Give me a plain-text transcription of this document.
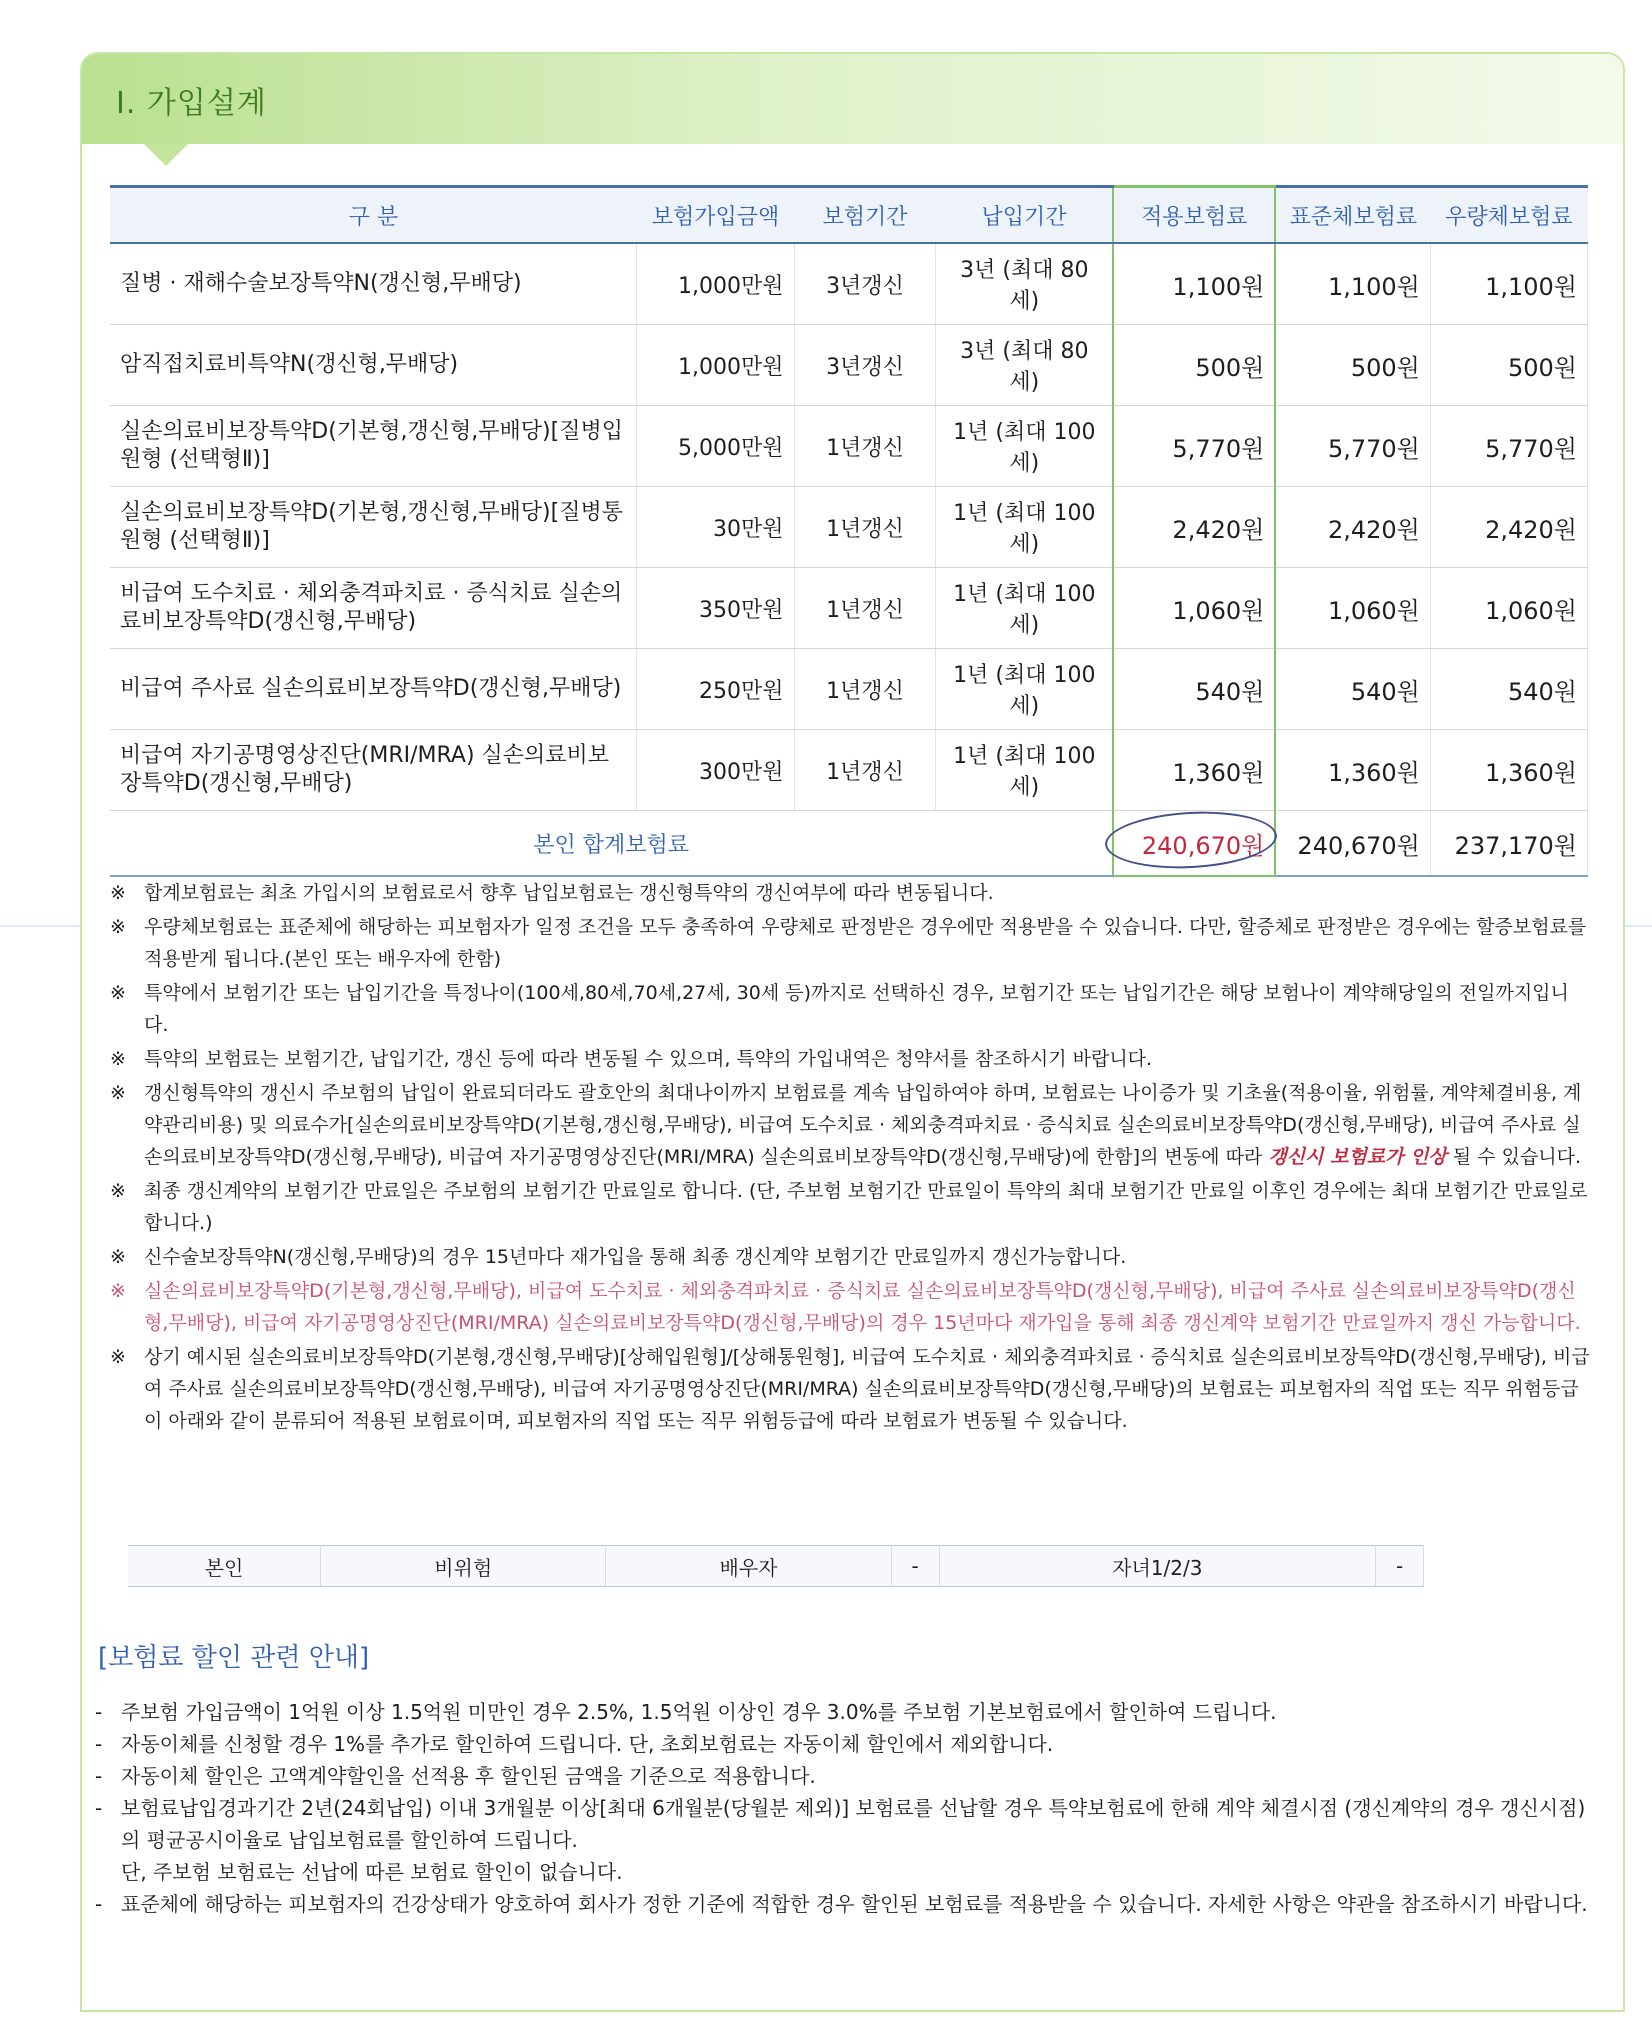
Ⅰ. 가입설계
구 분	보험가입금액	보험기간	납입기간	적용보험료	표준체보험료	우량체보험료
질병 · 재해수술보장특약N(갱신형,무배당)	1,000만원	3년갱신	3년 (최대 80세)	1,100원	1,100원	1,100원
암직접치료비특약N(갱신형,무배당)	1,000만원	3년갱신	3년 (최대 80세)	500원	500원	500원
실손의료비보장특약D(기본형,갱신형,무배당)[질병입원형 (선택형Ⅱ)]	5,000만원	1년갱신	1년 (최대 100세)	5,770원	5,770원	5,770원
실손의료비보장특약D(기본형,갱신형,무배당)[질병통원형 (선택형Ⅱ)]	30만원	1년갱신	1년 (최대 100세)	2,420원	2,420원	2,420원
비급여 도수치료 · 체외충격파치료 · 증식치료 실손의료비보장특약D(갱신형,무배당)	350만원	1년갱신	1년 (최대 100세)	1,060원	1,060원	1,060원
비급여 주사료 실손의료비보장특약D(갱신형,무배당)	250만원	1년갱신	1년 (최대 100세)	540원	540원	540원
비급여 자기공명영상진단(MRI/MRA) 실손의료비보장특약D(갱신형,무배당)	300만원	1년갱신	1년 (최대 100세)	1,360원	1,360원	1,360원
본인 합계보험료				240,670원	240,670원	237,170원
※ 합계보험료는 최초 가입시의 보험료로서 향후 납입보험료는 갱신형특약의 갱신여부에 따라 변동됩니다.
※ 우량체보험료는 표준체에 해당하는 피보험자가 일정 조건을 모두 충족하여 우량체로 판정받은 경우에만 적용받을 수 있습니다. 다만, 할증체로 판정받은 경우에는 할증보험료를 적용받게 됩니다.(본인 또는 배우자에 한함)
※ 특약에서 보험기간 또는 납입기간을 특정나이(100세,80세,70세,27세, 30세 등)까지로 선택하신 경우, 보험기간 또는 납입기간은 해당 보험나이 계약해당일의 전일까지입니다.
※ 특약의 보험료는 보험기간, 납입기간, 갱신 등에 따라 변동될 수 있으며, 특약의 가입내역은 청약서를 참조하시기 바랍니다.
※ 갱신형특약의 갱신시 주보험의 납입이 완료되더라도 괄호안의 최대나이까지 보험료를 계속 납입하여야 하며, 보험료는 나이증가 및 기초율(적용이율, 위험률, 계약체결비용, 계약관리비용) 및 의료수가[실손의료비보장특약D(기본형,갱신형,무배당), 비급여 도수치료 · 체외충격파치료 · 증식치료 실손의료비보장특약D(갱신형,무배당), 비급여 주사료 실손의료비보장특약D(갱신형,무배당), 비급여 자기공명영상진단(MRI/MRA) 실손의료비보장특약D(갱신형,무배당)에 한함]의 변동에 따라 갱신시 보험료가 인상 될 수 있습니다.
※ 최종 갱신계약의 보험기간 만료일은 주보험의 보험기간 만료일로 합니다. (단, 주보험 보험기간 만료일이 특약의 최대 보험기간 만료일 이후인 경우에는 최대 보험기간 만료일로 합니다.)
※ 신수술보장특약N(갱신형,무배당)의 경우 15년마다 재가입을 통해 최종 갱신계약 보험기간 만료일까지 갱신가능합니다.
※ 실손의료비보장특약D(기본형,갱신형,무배당), 비급여 도수치료 · 체외충격파치료 · 증식치료 실손의료비보장특약D(갱신형,무배당), 비급여 주사료 실손의료비보장특약D(갱신형,무배당), 비급여 자기공명영상진단(MRI/MRA) 실손의료비보장특약D(갱신형,무배당)의 경우 15년마다 재가입을 통해 최종 갱신계약 보험기간 만료일까지 갱신 가능합니다.
※ 상기 예시된 실손의료비보장특약D(기본형,갱신형,무배당)[상해입원형]/[상해통원형], 비급여 도수치료 · 체외충격파치료 · 증식치료 실손의료비보장특약D(갱신형,무배당), 비급여 주사료 실손의료비보장특약D(갱신형,무배당), 비급여 자기공명영상진단(MRI/MRA) 실손의료비보장특약D(갱신형,무배당)의 보험료는 피보험자의 직업 또는 직무 위험등급이 아래와 같이 분류되어 적용된 보험료이며, 피보험자의 직업 또는 직무 위험등급에 따라 보험료가 변동될 수 있습니다.
본인	비위험	배우자	-	자녀1/2/3	-
[보험료 할인 관련 안내]
- 주보험 가입금액이 1억원 이상 1.5억원 미만인 경우 2.5%, 1.5억원 이상인 경우 3.0%를 주보험 기본보험료에서 할인하여 드립니다.
- 자동이체를 신청할 경우 1%를 추가로 할인하여 드립니다. 단, 초회보험료는 자동이체 할인에서 제외합니다.
- 자동이체 할인은 고액계약할인을 선적용 후 할인된 금액을 기준으로 적용합니다.
- 보험료납입경과기간 2년(24회납입) 이내 3개월분 이상[최대 6개월분(당월분 제외)] 보험료를 선납할 경우 특약보험료에 한해 계약 체결시점 (갱신계약의 경우 갱신시점)의 평균공시이율로 납입보험료를 할인하여 드립니다.
단, 주보험 보험료는 선납에 따른 보험료 할인이 없습니다.
- 표준체에 해당하는 피보험자의 건강상태가 양호하여 회사가 정한 기준에 적합한 경우 할인된 보험료를 적용받을 수 있습니다. 자세한 사항은 약관을 참조하시기 바랍니다.
